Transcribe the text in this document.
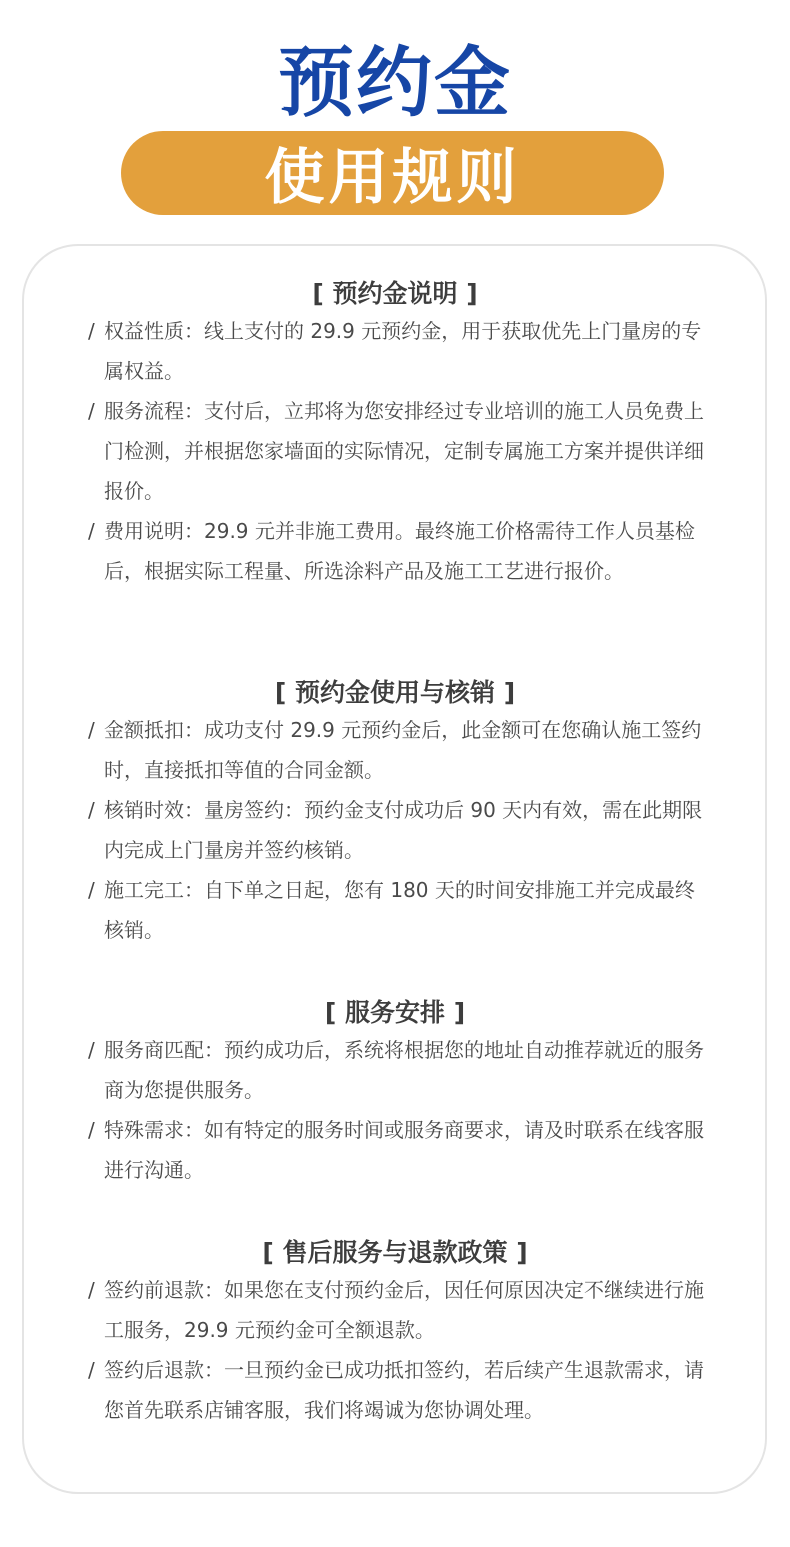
预约金
使用规则
[ 预约金说明 ]
/ 权益性质：线上支付的 29.9 元预约金，用于获取优先上门量房的专属权益。
/ 服务流程：支付后，立邦将为您安排经过专业培训的施工人员免费上门检测，并根据您家墙面的实际情况，定制专属施工方案并提供详细报价。
/ 费用说明：29.9 元并非施工费用。最终施工价格需待工作人员基检后，根据实际工程量、所选涂料产品及施工工艺进行报价。
[ 预约金使用与核销 ]
/ 金额抵扣：成功支付 29.9 元预约金后，此金额可在您确认施工签约时，直接抵扣等值的合同金额。
/ 核销时效：量房签约：预约金支付成功后 90 天内有效，需在此期限内完成上门量房并签约核销。
/ 施工完工：自下单之日起，您有 180 天的时间安排施工并完成最终核销。
[ 服务安排 ]
/ 服务商匹配：预约成功后，系统将根据您的地址自动推荐就近的服务商为您提供服务。
/ 特殊需求：如有特定的服务时间或服务商要求，请及时联系在线客服进行沟通。
[ 售后服务与退款政策 ]
/ 签约前退款：如果您在支付预约金后，因任何原因决定不继续进行施工服务，29.9 元预约金可全额退款。
/ 签约后退款：一旦预约金已成功抵扣签约，若后续产生退款需求，请您首先联系店铺客服，我们将竭诚为您协调处理。
